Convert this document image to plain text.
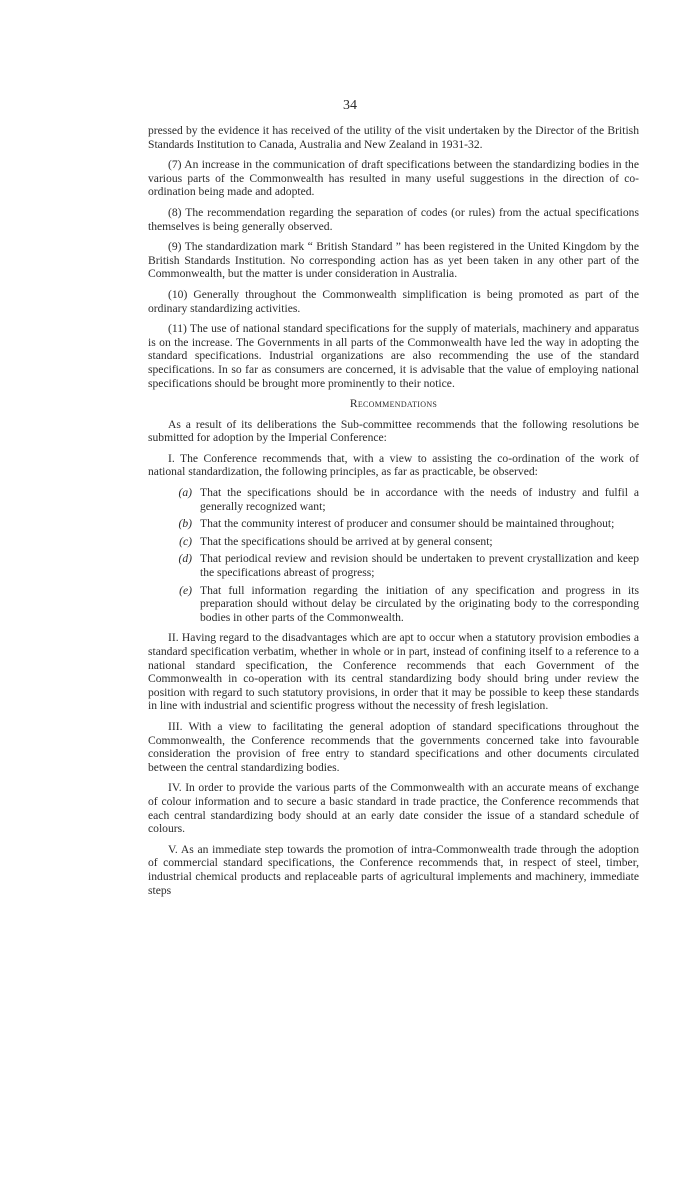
34

pressed by the evidence it has received of the utility of the visit undertaken by the Director of the British Standards Institution to Canada, Australia and New Zealand in 1931-32.

(7) An increase in the communication of draft specifications between the standardizing bodies in the various parts of the Commonwealth has resulted in many useful suggestions in the direction of co-ordination being made and adopted.

(8) The recommendation regarding the separation of codes (or rules) from the actual specifications themselves is being generally observed.

(9) The standardization mark “ British Standard ” has been registered in the United Kingdom by the British Standards Institution. No corresponding action has as yet been taken in any other part of the Commonwealth, but the matter is under consideration in Australia.

(10) Generally throughout the Commonwealth simplification is being promoted as part of the ordinary standardizing activities.

(11) The use of national standard specifications for the supply of materials, machinery and apparatus is on the increase. The Governments in all parts of the Commonwealth have led the way in adopting the standard specifications. Industrial organizations are also recommending the use of the standard specifications. In so far as consumers are concerned, it is advisable that the value of employing national specifications should be brought more prominently to their notice.

Recommendations

As a result of its deliberations the Sub-committee recommends that the following resolutions be submitted for adoption by the Imperial Conference:

I. The Conference recommends that, with a view to assisting the co-ordination of the work of national standardization, the following principles, as far as practicable, be observed:

(a) That the specifications should be in accordance with the needs of industry and fulfil a generally recognized want;
(b) That the community interest of producer and consumer should be maintained throughout;
(c) That the specifications should be arrived at by general consent;
(d) That periodical review and revision should be undertaken to prevent crystallization and keep the specifications abreast of progress;
(e) That full information regarding the initiation of any specification and progress in its preparation should without delay be circulated by the originating body to the corresponding bodies in other parts of the Commonwealth.

II. Having regard to the disadvantages which are apt to occur when a statutory provision embodies a standard specification verbatim, whether in whole or in part, instead of confining itself to a reference to a national standard specification, the Conference recommends that each Government of the Commonwealth in co-operation with its central standardizing body should bring under review the position with regard to such statutory provisions, in order that it may be possible to keep these standards in line with industrial and scientific progress without the necessity of fresh legislation.

III. With a view to facilitating the general adoption of standard specifications throughout the Commonwealth, the Conference recommends that the governments concerned take into favourable consideration the provision of free entry to standard specifications and other documents circulated between the central standardizing bodies.

IV. In order to provide the various parts of the Commonwealth with an accurate means of exchange of colour information and to secure a basic standard in trade practice, the Conference recommends that each central standardizing body should at an early date consider the issue of a standard schedule of colours.

V. As an immediate step towards the promotion of intra-Commonwealth trade through the adoption of commercial standard specifications, the Conference recommends that, in respect of steel, timber, industrial chemical products and replaceable parts of agricultural implements and machinery, immediate steps
